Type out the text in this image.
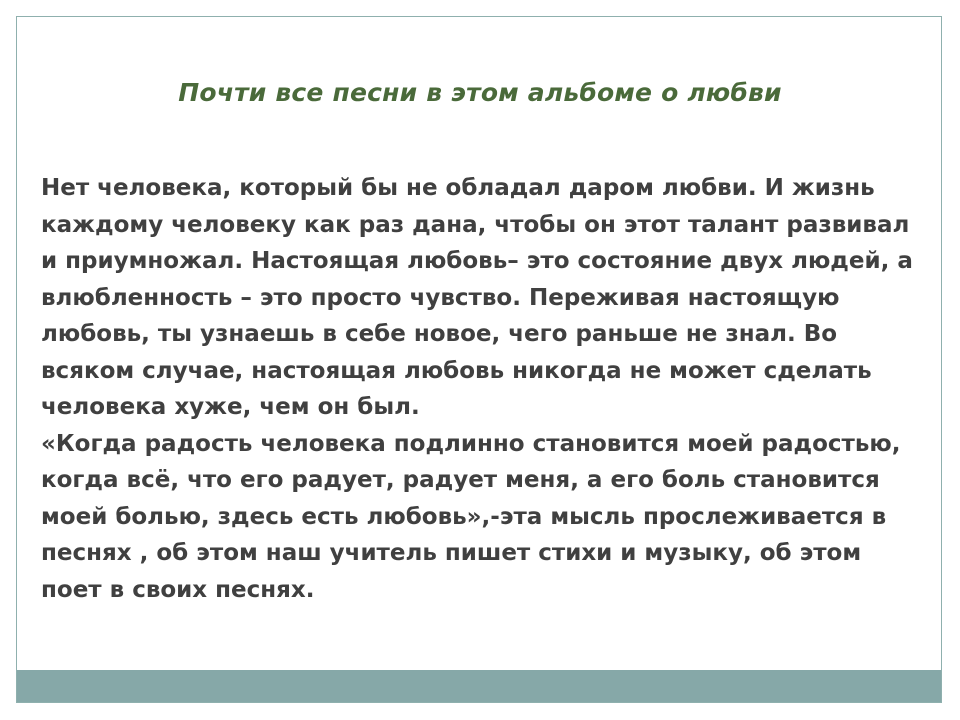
Почти все песни в этом альбоме о любви

Нет человека, который бы не обладал даром любви. И жизнь каждому человеку как раз дана, чтобы он этот талант развивал и приумножал. Настоящая любовь– это состояние двух людей, а влюбленность – это просто чувство. Переживая настоящую любовь, ты узнаешь в себе новое, чего раньше не знал. Во всяком случае, настоящая любовь никогда не может сделать человека хуже, чем он был.

«Когда радость человека подлинно становится моей радостью, когда всё, что его радует, радует меня, а его боль становится моей болью, здесь есть любовь»,-эта мысль прослеживается в песнях , об этом наш учитель пишет стихи и музыку, об этом поет в своих песнях.
